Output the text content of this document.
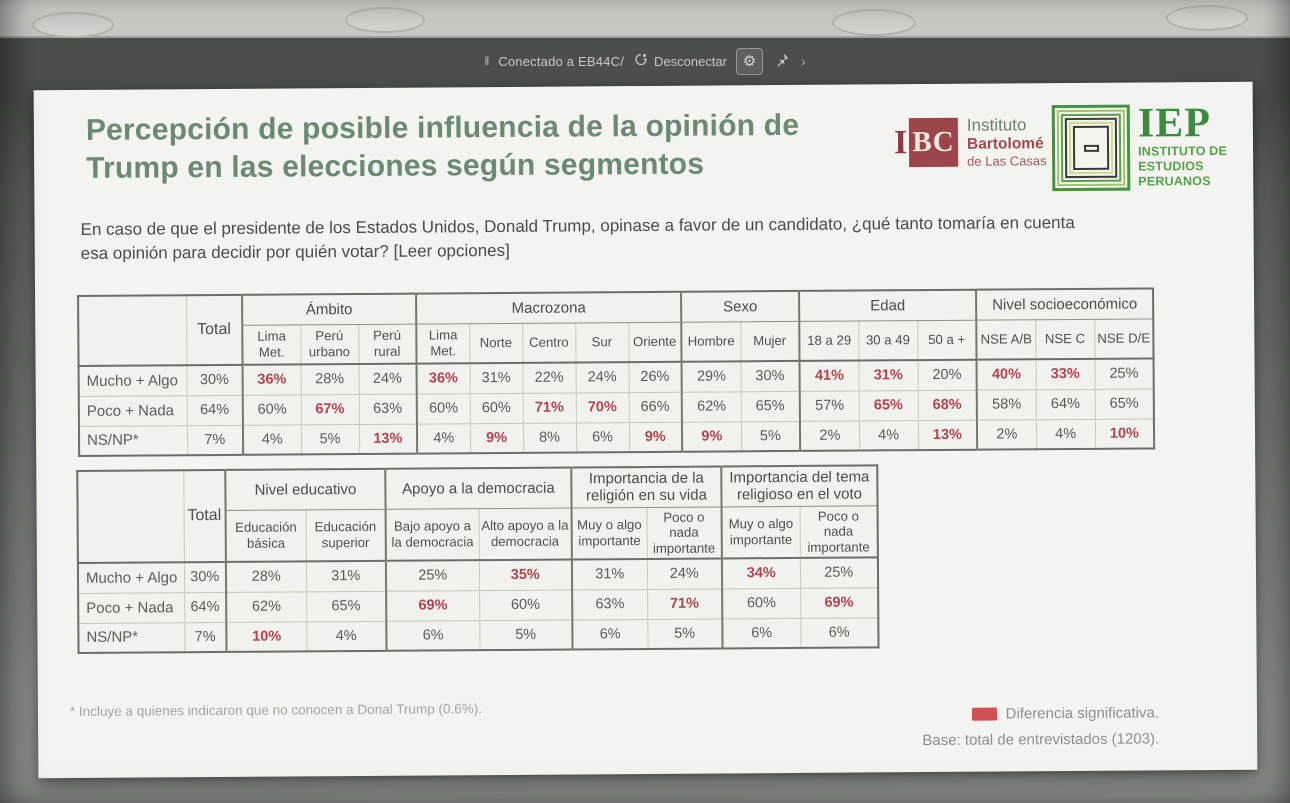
‖ Conectado a EB44C/ Desconectar ⚙	›
Percepción de posible influencia de la opinión de
Trump en las elecciones según segmentos
I BC
Instituto
Bartolomé
de Las Casas
IEP
INSTITUTO DE
ESTUDIOS
PERUANOS
En caso de que el presidente de los Estados Unidos, Donald Trump, opinase a favor de un candidato, ¿qué tanto tomaría en cuenta
esa opinión para decidir por quién votar? [Leer opciones]
	Total	Ámbito			Macrozona					Sexo		Edad			Nivel socioeconómico		
		Lima Met.	Perú urbano	Perú rural	Lima Met.	Norte	Centro	Sur	Oriente	Hombre	Mujer	18 a 29	30 a 49	50 a +	NSE A/B	NSE C	NSE D/E
Mucho + Algo	30%	36%	28%	24%	36%	31%	22%	24%	26%	29%	30%	41%	31%	20%	40%	33%	25%
Poco + Nada	64%	60%	67%	63%	60%	60%	71%	70%	66%	62%	65%	57%	65%	68%	58%	64%	65%
NS/NP*	7%	4%	5%	13%	4%	9%	8%	6%	9%	9%	5%	2%	4%	13%	2%	4%	10%
	Total	Nivel educativo		Apoyo a la democracia		Importancia de la religión en su vida		Importancia del tema religioso en el voto	
		Educación básica	Educación superior	Bajo apoyo a la democracia	Alto apoyo a la democracia	Muy o algo importante	Poco o nada importante	Muy o algo importante	Poco o nada importante
Mucho + Algo	30%	28%	31%	25%	35%	31%	24%	34%	25%
Poco + Nada	64%	62%	65%	69%	60%	63%	71%	60%	69%
NS/NP*	7%	10%	4%	6%	5%	6%	5%	6%	6%
* Incluye a quienes indicaron que no conocen a Donal Trump (0.6%).	Diferencia significativa.
Base: total de entrevistados (1203).
